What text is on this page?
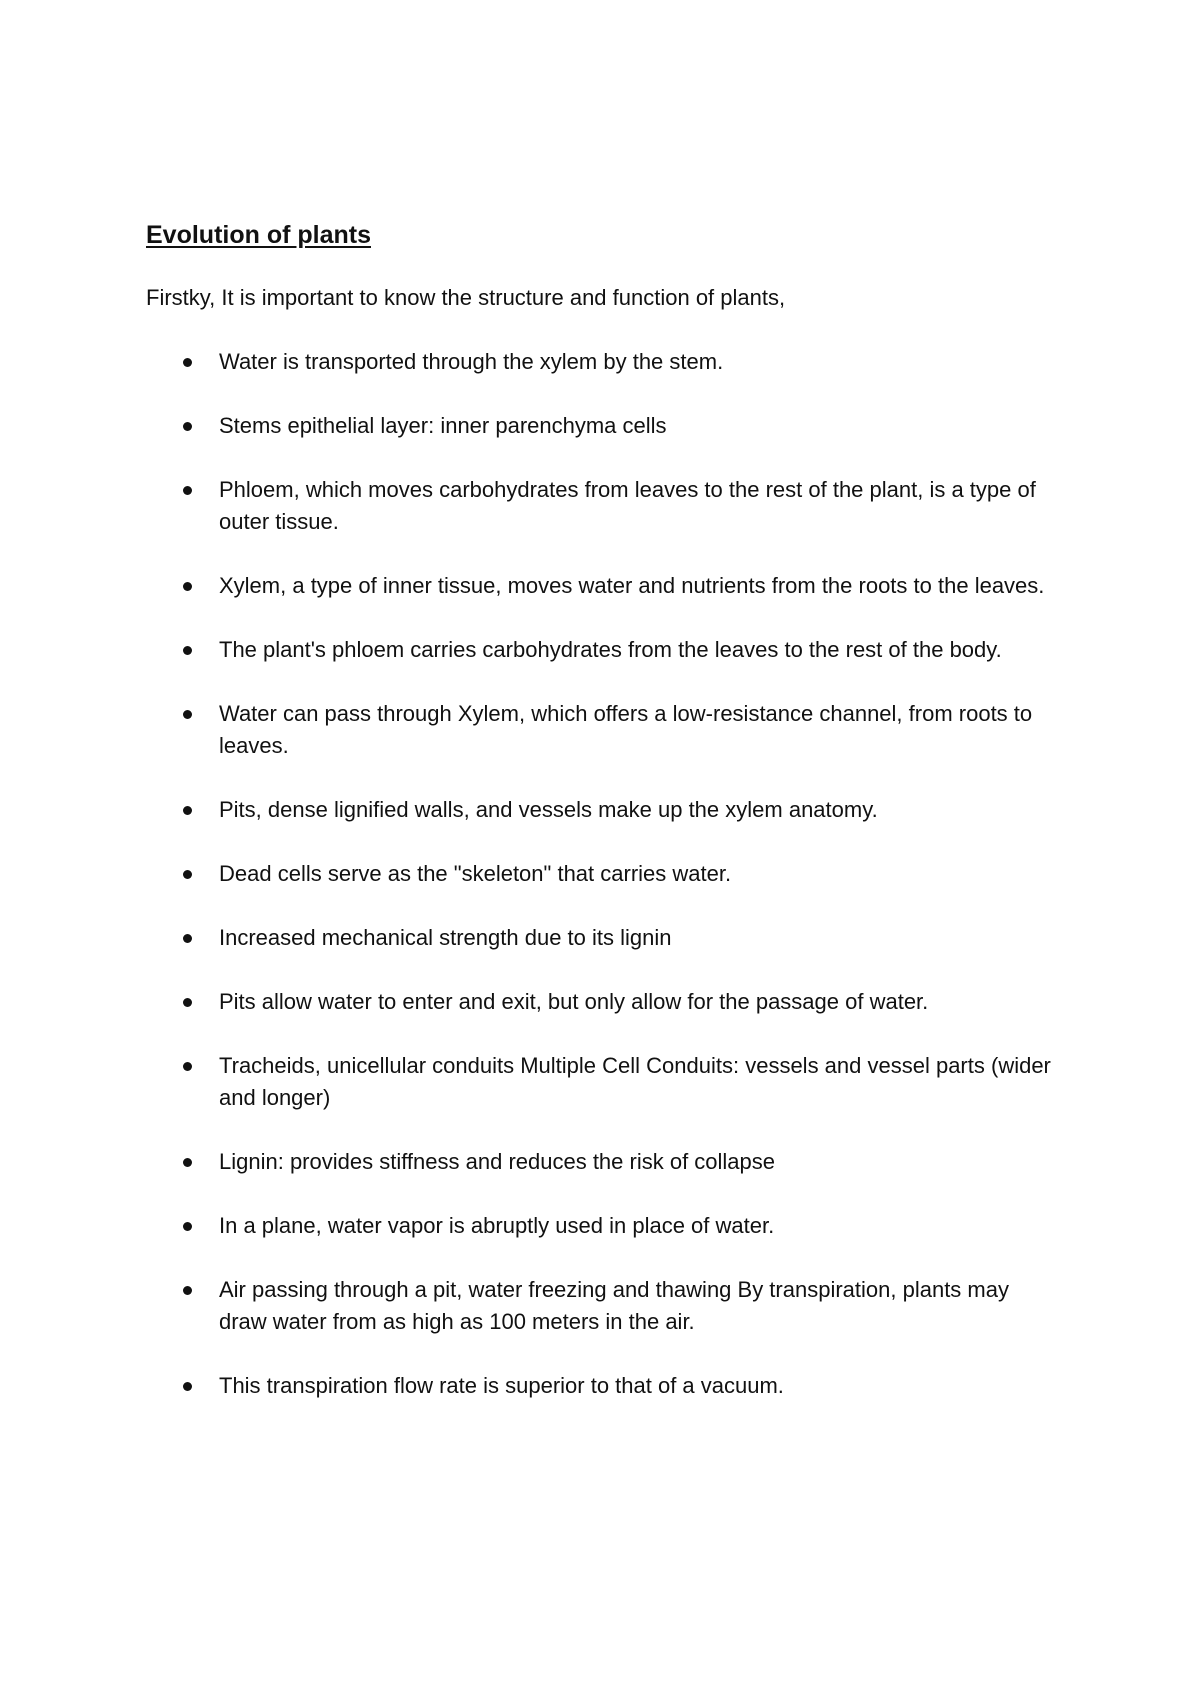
Evolution of plants

Firstky, It is important to know the structure and function of plants,

Water is transported through the xylem by the stem.
Stems epithelial layer: inner parenchyma cells
Phloem, which moves carbohydrates from leaves to the rest of the plant, is a type of outer tissue.
Xylem, a type of inner tissue, moves water and nutrients from the roots to the leaves.
The plant's phloem carries carbohydrates from the leaves to the rest of the body.
Water can pass through Xylem, which offers a low-resistance channel, from roots to leaves.
Pits, dense lignified walls, and vessels make up the xylem anatomy.
Dead cells serve as the "skeleton" that carries water.
Increased mechanical strength due to its lignin
Pits allow water to enter and exit, but only allow for the passage of water.
Tracheids, unicellular conduits Multiple Cell Conduits: vessels and vessel parts (wider and longer)
Lignin: provides stiffness and reduces the risk of collapse
In a plane, water vapor is abruptly used in place of water.
Air passing through a pit, water freezing and thawing By transpiration, plants may draw water from as high as 100 meters in the air.
This transpiration flow rate is superior to that of a vacuum.
